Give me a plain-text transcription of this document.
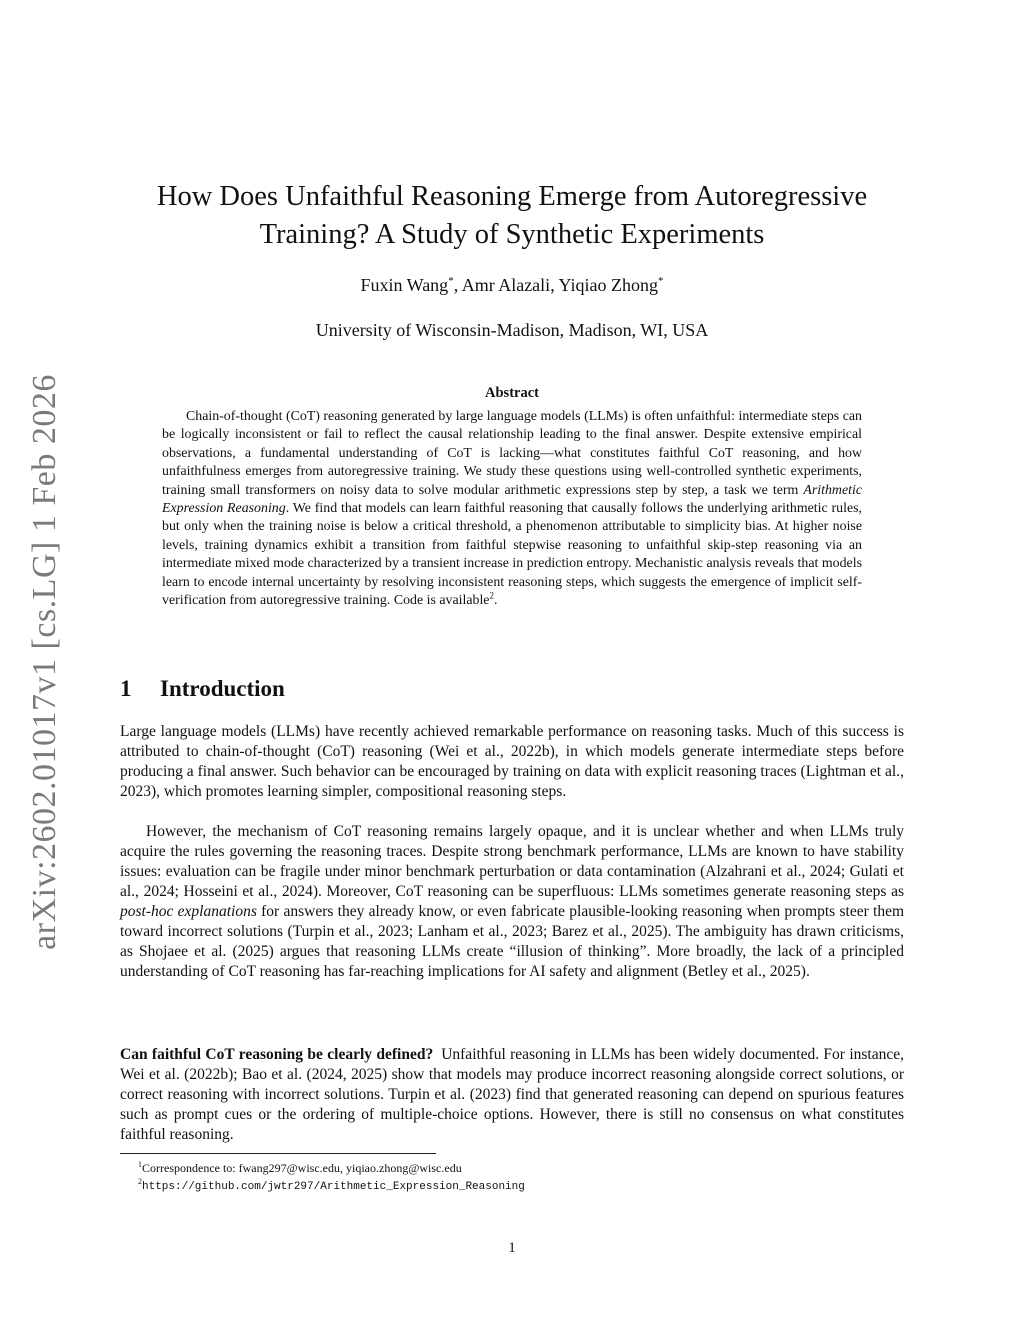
arXiv:2602.01017v1 [cs.LG] 1 Feb 2026
How Does Unfaithful Reasoning Emerge from Autoregressive Training? A Study of Synthetic Experiments
Fuxin Wang*, Amr Alazali, Yiqiao Zhong*
University of Wisconsin-Madison, Madison, WI, USA
Abstract

Chain-of-thought (CoT) reasoning generated by large language models (LLMs) is often unfaithful: intermediate steps can be logically inconsistent or fail to reflect the causal relationship leading to the final answer. Despite extensive empirical observations, a fundamental understanding of CoT is lacking—what constitutes faithful CoT reasoning, and how unfaithfulness emerges from autoregressive training. We study these questions using well-controlled synthetic experiments, training small transformers on noisy data to solve modular arithmetic expressions step by step, a task we term Arithmetic Expression Reasoning. We find that models can learn faithful reasoning that causally follows the underlying arithmetic rules, but only when the training noise is below a critical threshold, a phenomenon attributable to simplicity bias. At higher noise levels, training dynamics exhibit a transition from faithful stepwise reasoning to unfaithful skip-step reasoning via an intermediate mixed mode characterized by a transient increase in prediction entropy. Mechanistic analysis reveals that models learn to encode internal uncertainty by resolving inconsistent reasoning steps, which suggests the emergence of implicit self-verification from autoregressive training. Code is available$^2$.

1 Introduction

Large language models (LLMs) have recently achieved remarkable performance on reasoning tasks. Much of this success is attributed to chain-of-thought (CoT) reasoning (Wei et al., 2022b), in which models generate intermediate steps before producing a final answer. Such behavior can be encouraged by training on data with explicit reasoning traces (Lightman et al., 2023), which promotes learning simpler, compositional reasoning steps.

However, the mechanism of CoT reasoning remains largely opaque, and it is unclear whether and when LLMs truly acquire the rules governing the reasoning traces. Despite strong benchmark performance, LLMs are known to have stability issues: evaluation can be fragile under minor benchmark perturbation or data contamination (Alzahrani et al., 2024; Gulati et al., 2024; Hosseini et al., 2024). Moreover, CoT reasoning can be superfluous: LLMs sometimes generate reasoning steps as post-hoc explanations for answers they already know, or even fabricate plausible-looking reasoning when prompts steer them toward incorrect solutions (Turpin et al., 2023; Lanham et al., 2023; Barez et al., 2025). The ambiguity has drawn criticisms, as Shojaee et al. (2025) argues that reasoning LLMs create “illusion of thinking”. More broadly, the lack of a principled understanding of CoT reasoning has far-reaching implications for AI safety and alignment (Betley et al., 2025).

Can faithful CoT reasoning be clearly defined? Unfaithful reasoning in LLMs has been widely documented. For instance, Wei et al. (2022b); Bao et al. (2024, 2025) show that models may produce incorrect reasoning alongside correct solutions, or correct reasoning with incorrect solutions. Turpin et al. (2023) find that generated reasoning can depend on spurious features such as prompt cues or the ordering of multiple-choice options. However, there is still no consensus on what constitutes faithful reasoning.

$^1$Correspondence to: fwang297@wisc.edu, yiqiao.zhong@wisc.edu
$^2$https://github.com/jwtr297/Arithmetic_Expression_Reasoning
1
